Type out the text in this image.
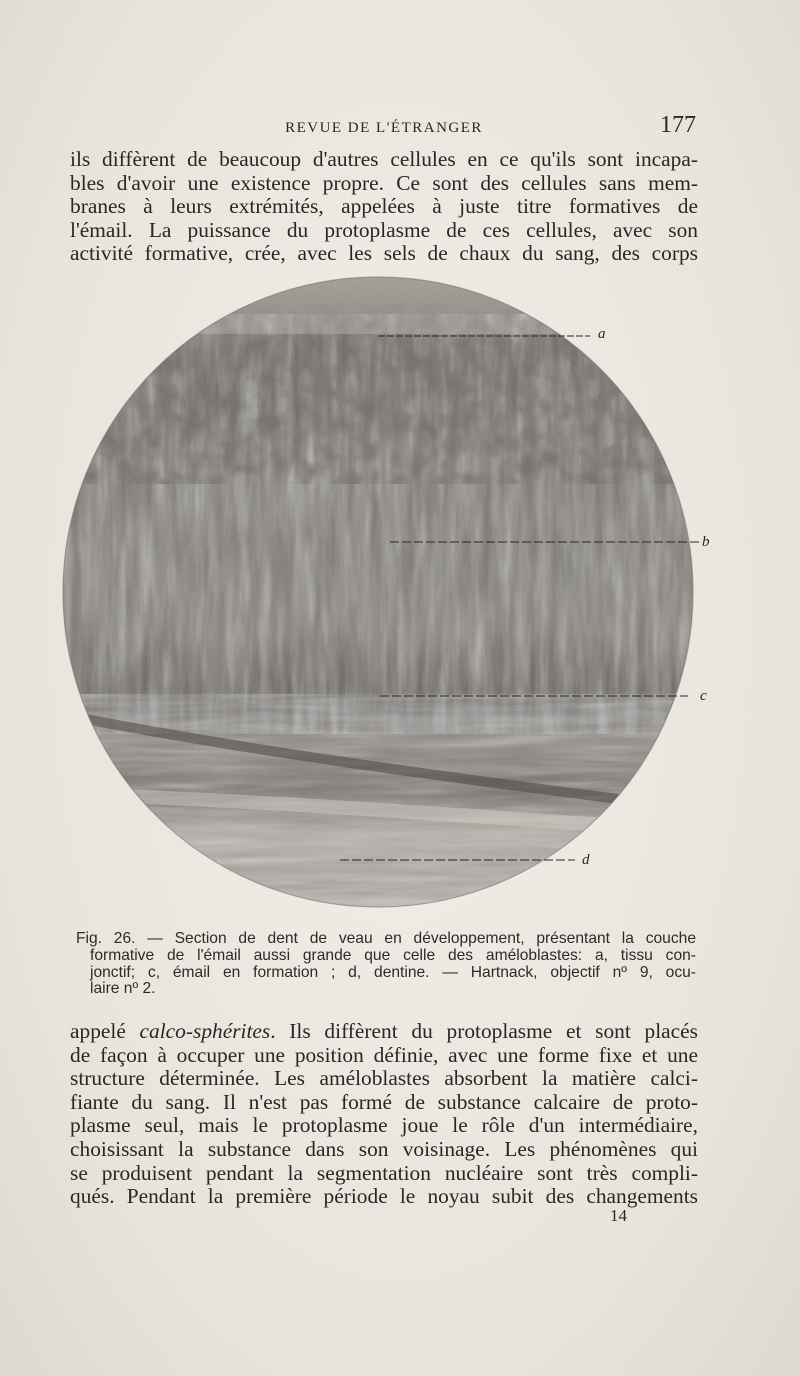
REVUE DE L'ÉTRANGER	177
ils diffèrent de beaucoup d'autres cellules en ce qu'ils sont incapa-
bles d'avoir une existence propre. Ce sont des cellules sans mem-
branes à leurs extrémités, appelées à juste titre formatives de
l'émail. La puissance du protoplasme de ces cellules, avec son
activité formative, crée, avec les sels de chaux du sang, des corps
a
b
c
d
Fig. 26. — Section de dent de veau en développement, présentant la couche
formative de l'émail aussi grande que celle des améloblastes: a, tissu con-
jonctif; c, émail en formation ; d, dentine. — Hartnack, objectif nº 9, ocu-
laire nº 2.
appelé calco-sphérites. Ils diffèrent du protoplasme et sont placés
de façon à occuper une position définie, avec une forme fixe et une
structure déterminée. Les améloblastes absorbent la matière calci-
fiante du sang. Il n'est pas formé de substance calcaire de proto-
plasme seul, mais le protoplasme joue le rôle d'un intermédiaire,
choisissant la substance dans son voisinage. Les phénomènes qui
se produisent pendant la segmentation nucléaire sont très compli-
qués. Pendant la première période le noyau subit des changements
14
